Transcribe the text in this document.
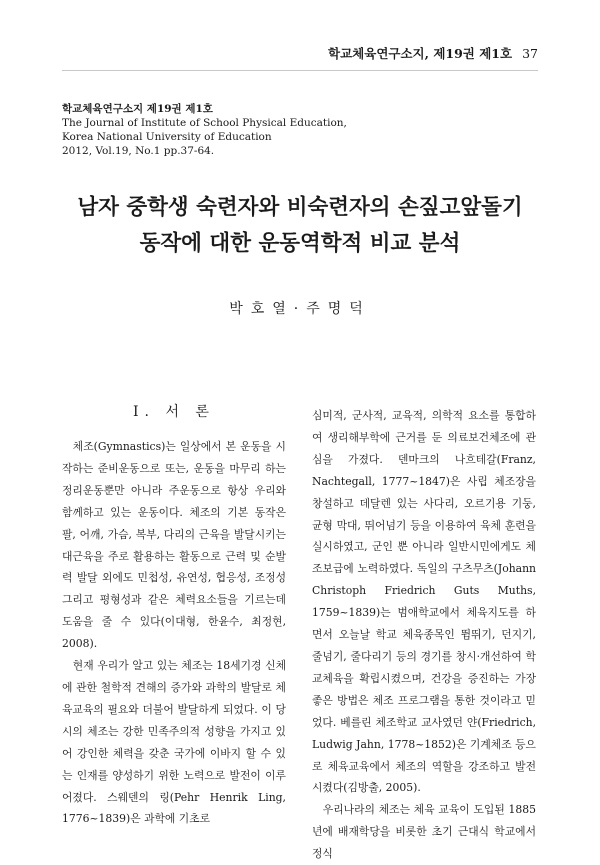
학교체육연구소지, 제19권 제1호 37
학교체육연구소지 제19권 제1호
The Journal of Institute of School Physical Education,
Korea National University of Education
2012, Vol.19, No.1 pp.37-64.
남자 중학생 숙련자와 비숙련자의 손짚고앞돌기
동작에 대한 운동역학적 비교 분석
박호열·주명덕
Ⅰ. 서 론

체조(Gymnastics)는 일상에서 본 운동을 시작하는 준비운동으로 또는, 운동을 마무리 하는 정리운동뿐만 아니라 주운동으로 항상 우리와 함께하고 있는 운동이다. 체조의 기본 동작은 팔, 어깨, 가슴, 복부, 다리의 근육을 발달시키는 대근육을 주로 활용하는 활동으로 근력 및 순발력 발달 외에도 민첩성, 유연성, 협응성, 조정성 그리고 평형성과 같은 체력요소들을 기르는데 도움을 줄 수 있다(이대형, 한윤수, 최정현, 2008).

현재 우리가 알고 있는 체조는 18세기경 신체에 관한 철학적 견해의 증가와 과학의 발달로 체육교육의 필요와 더불어 발달하게 되었다. 이 당시의 체조는 강한 민족주의적 성향을 가지고 있어 강인한 체력을 갖춘 국가에 이바지 할 수 있는 인재를 양성하기 위한 노력으로 발전이 이루어졌다. 스웨덴의 링(Pehr Henrik Ling, 1776~1839)은 과학에 기초로

심미적, 군사적, 교육적, 의학적 요소를 통합하여 생리해부학에 근거를 둔 의료보건체조에 관심을 가졌다. 덴마크의 나흐테갈(Franz, Nachtegall, 1777~1847)은 사립 체조장을 창설하고 데달렌 있는 사다리, 오르기용 기둥, 균형 막대, 뛰어넘기 등을 이용하여 육체 훈련을 실시하였고, 군인 뿐 아니라 일반시민에게도 체조보급에 노력하였다. 독일의 구츠무츠(Johann Christoph Friedrich Guts Muths, 1759~1839)는 범애학교에서 체육지도를 하면서 오늘날 학교 체육종목인 뜀뛰기, 던지기, 줄넘기, 줄다리기 등의 경기를 창시·개선하여 학교체육을 확립시켰으며, 건강을 증진하는 가장 좋은 방법은 체조 프로그램을 통한 것이라고 믿었다. 베를린 체조학교 교사였던 얀(Friedrich, Ludwig Jahn, 1778~1852)은 기계체조 등으로 체육교육에서 체조의 역할을 강조하고 발전시켰다(김방출, 2005).

우리나라의 체조는 체육 교육이 도입된 1885년에 배재학당을 비롯한 초기 근대식 학교에서 정식
